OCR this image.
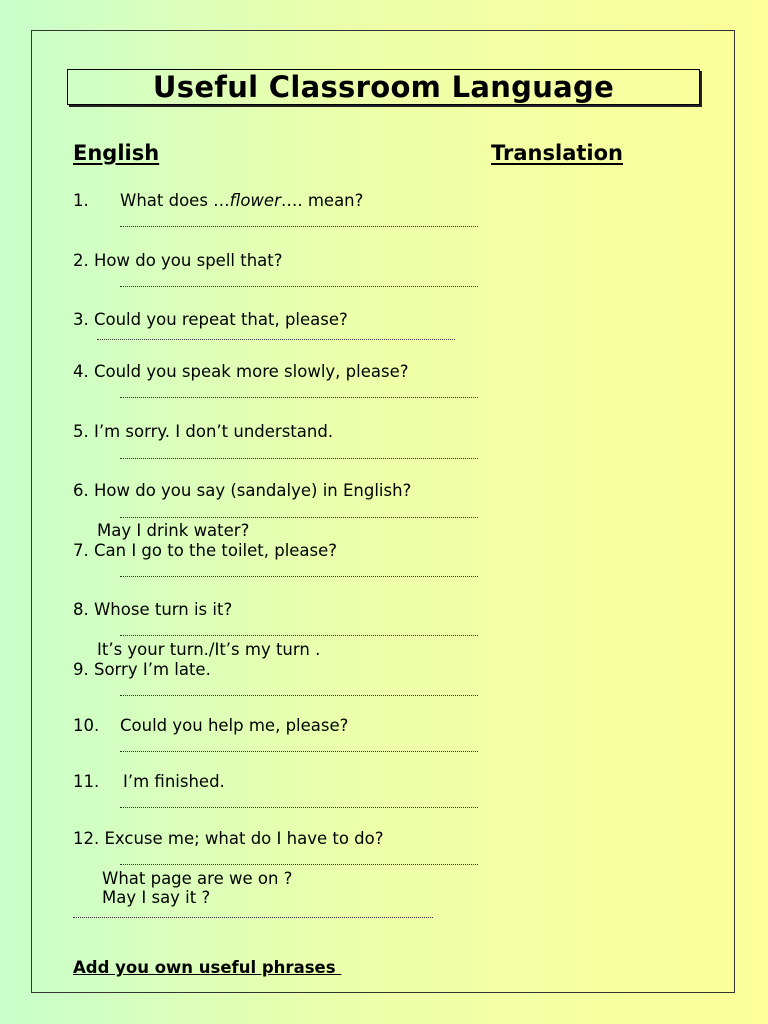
Useful Classroom Language
English	Translation
1. What does …flower…. mean?
2. How do you spell that?
3. Could you repeat that, please?
4. Could you speak more slowly, please?
5. I’m sorry. I don’t understand.
6. How do you say (sandalye) in English?
May I drink water?
7. Can I go to the toilet, please?
8. Whose turn is it?
It’s your turn./It’s my turn .
9. Sorry I’m late.
10. Could you help me, please?
11. I’m finished.
12. Excuse me; what do I have to do?
What page are we on ?
May I say it ?
Add you own useful phrases
